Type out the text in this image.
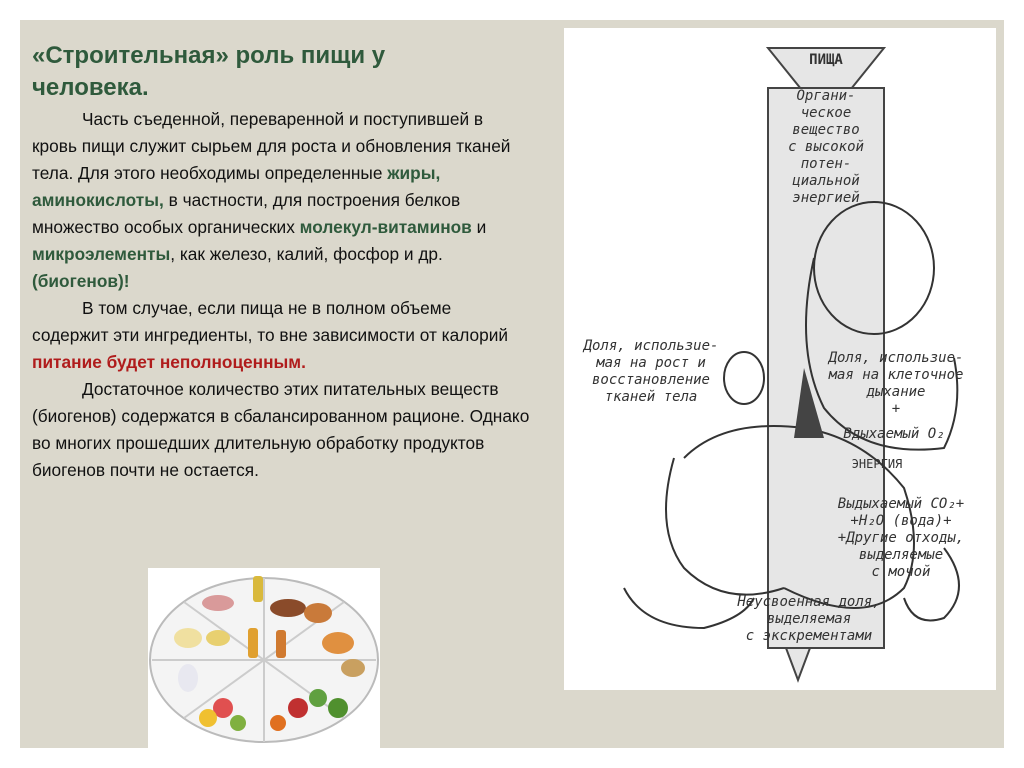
«Строительная» роль пищи у человека.

Часть съеденной, переваренной и поступившей в кровь пищи служит сырьем для роста и обновления тканей тела. Для этого необходимы определенные жиры, аминокислоты, в частности, для построения белков множество особых органических молекул-витаминов и микроэлементы, как железо, калий, фосфор и др. (биогенов)!

В том случае, если пища не в полном объеме содержит эти ингредиенты, то вне зависимости от калорий питание будет неполноценным.

Достаточное количество этих питательных веществ (биогенов) содержатся в сбалансированном рационе. Однако во многих прошедших длительную обработку продуктов биогенов почти не остается.

ПИЩА
Органи-
ческое
вещество
с высокой
потен-
циальной
энергией
Доля, использue-
мая на рост и
восстановление
тканей тела
Доля, использue-
мая на клеточное
дыхание
+
Вдыхаемый O₂
ЭНЕРГИЯ
Выдыхаемый CO₂+
+H₂O (вода)+
+Другие отходы,
выделяемые
с мочой
Неусвоенная доля,
выделяемая
с экскрементами
